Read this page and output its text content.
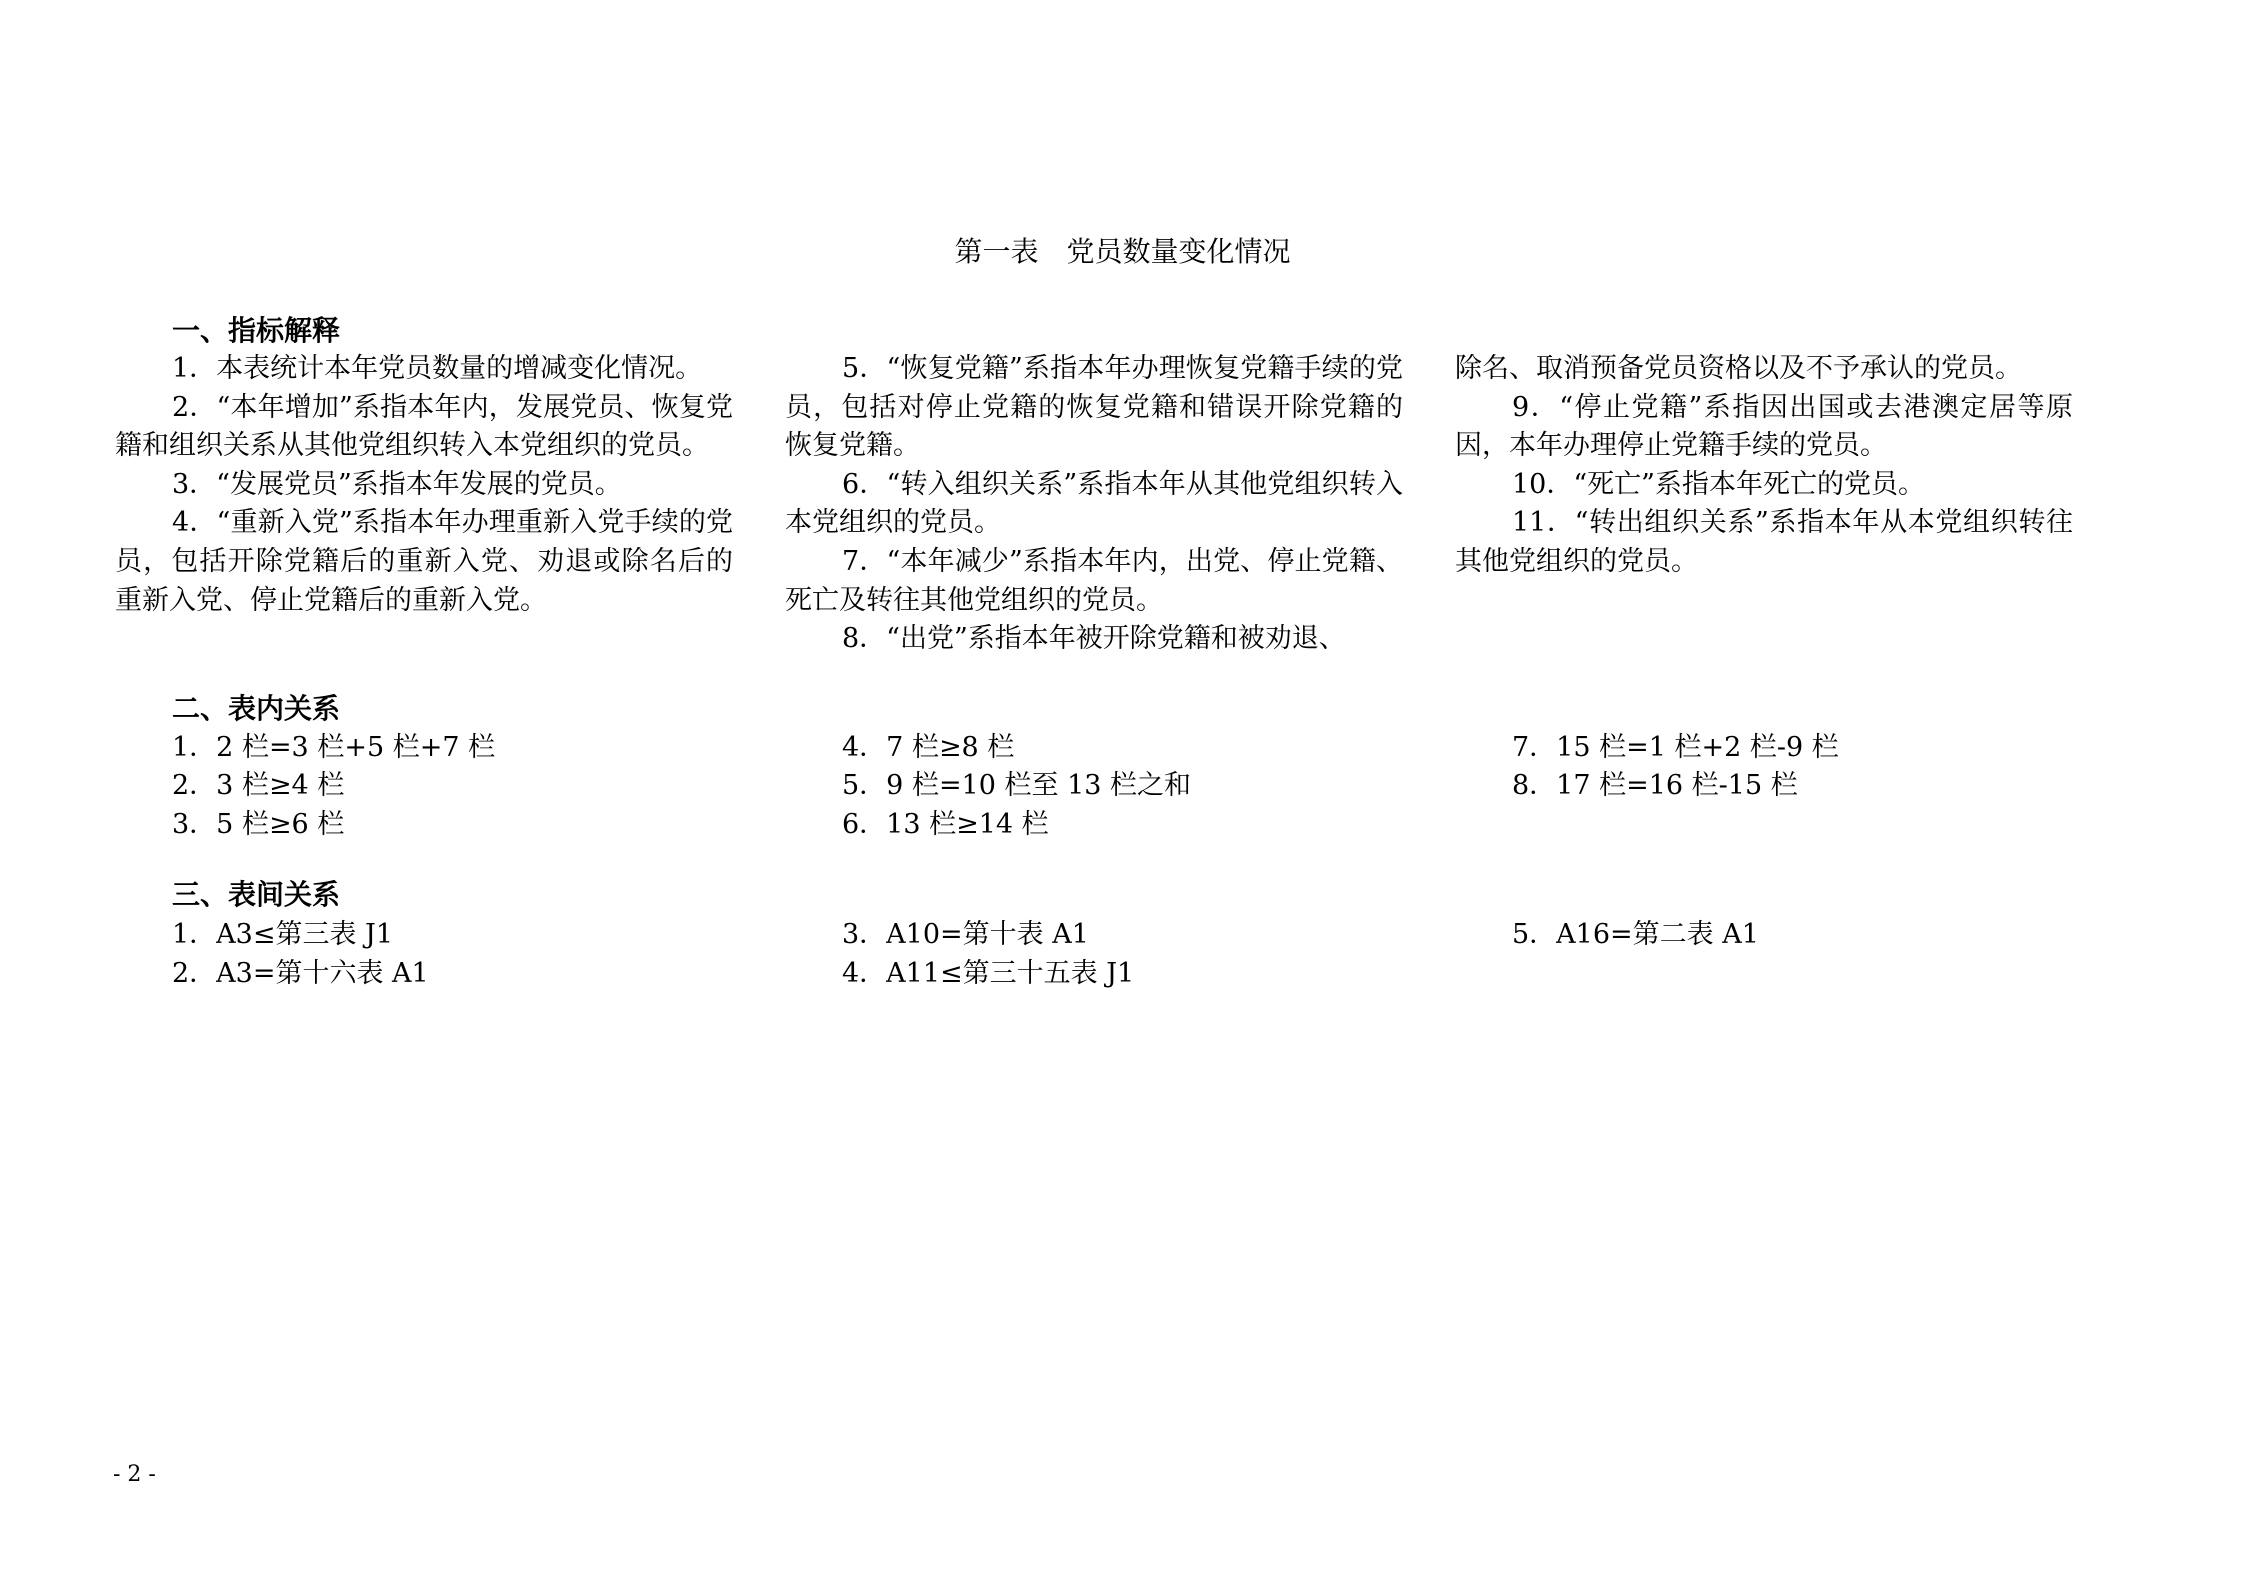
第一表　党员数量变化情况
一、指标解释

1．本表统计本年党员数量的增减变化情况。

2．“本年增加”系指本年内，发展党员、恢复党籍和组织关系从其他党组织转入本党组织的党员。

3．“发展党员”系指本年发展的党员。

4．“重新入党”系指本年办理重新入党手续的党员，包括开除党籍后的重新入党、劝退或除名后的重新入党、停止党籍后的重新入党。

5．“恢复党籍”系指本年办理恢复党籍手续的党员，包括对停止党籍的恢复党籍和错误开除党籍的恢复党籍。

6．“转入组织关系”系指本年从其他党组织转入本党组织的党员。

7．“本年减少”系指本年内，出党、停止党籍、死亡及转往其他党组织的党员。

8．“出党”系指本年被开除党籍和被劝退、

除名、取消预备党员资格以及不予承认的党员。

9．“停止党籍”系指因出国或去港澳定居等原因，本年办理停止党籍手续的党员。

10．“死亡”系指本年死亡的党员。

11．“转出组织关系”系指本年从本党组织转往其他党组织的党员。

二、表内关系
1．2 栏=3 栏+5 栏+7 栏
2．3 栏≥4 栏
3．5 栏≥6 栏
4．7 栏≥8 栏
5．9 栏=10 栏至 13 栏之和
6．13 栏≥14 栏
7．15 栏=1 栏+2 栏-9 栏
8．17 栏=16 栏-15 栏
三、表间关系
1．A3≤第三表 J1
2．A3=第十六表 A1
3．A10=第十表 A1
4．A11≤第三十五表 J1
5．A16=第二表 A1
- 2 -
